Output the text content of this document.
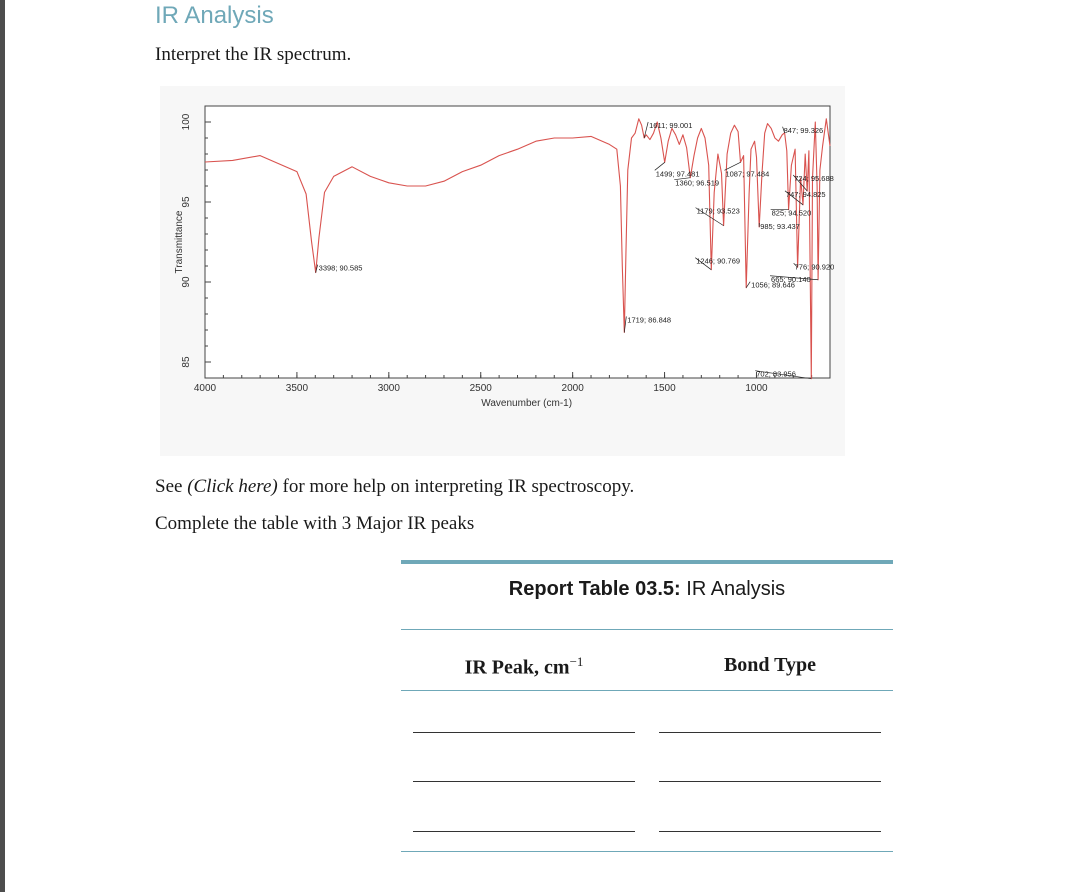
IR Analysis

Interpret the IR spectrum.

4000	3500	3000	2500	2000	1500	1000
100
95
90
85
Wavenumber (cm-1)
Transmittance	3398; 90.585
1719; 86.848
1611; 99.001
1499; 97.481
1360; 96.519
1246; 90.769
1179; 93.523
1087; 97.484
1056; 89.646
985; 93.437
847; 99.326
825; 94.520
776; 90.920
747; 94.825
724; 95.688
702; 83.956
665; 90.140

See (Click here) for more help on interpreting IR spectroscopy.

Complete the table with 3 Major IR peaks

Report Table 03.5: IR Analysis
IR Peak, $cm^{-1}$	Bond Type
